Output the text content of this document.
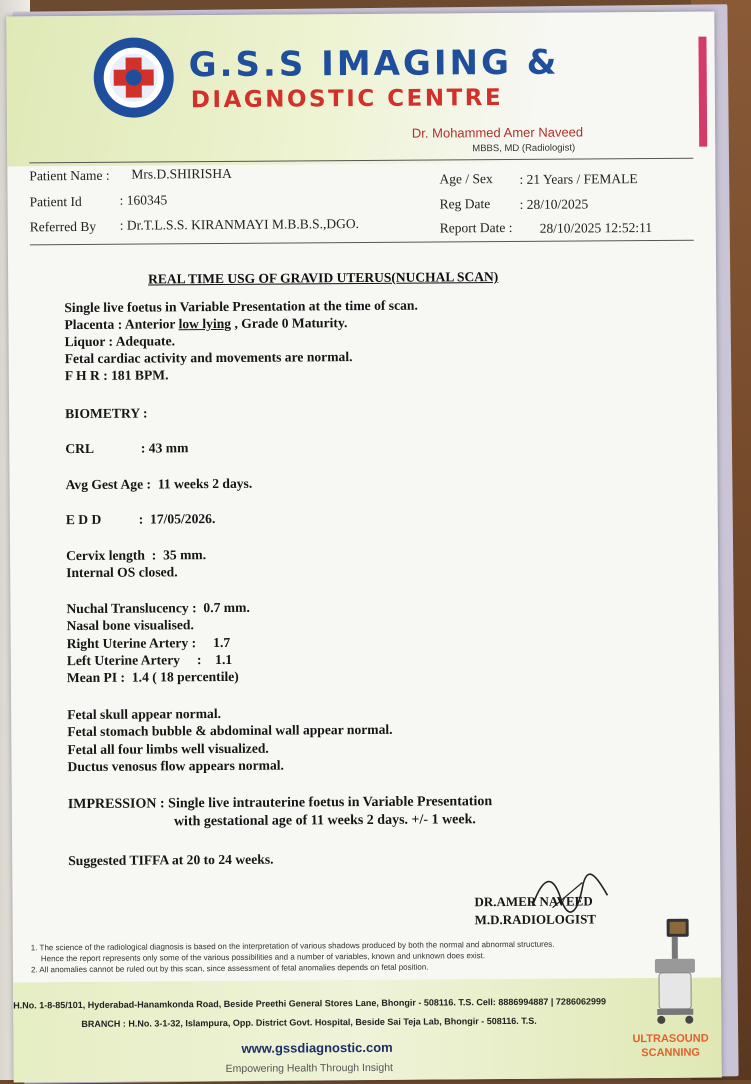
G.S.S IMAGING &
DIAGNOSTIC CENTRE
Dr. Mohammed Amer Naveed
MBBS, MD (Radiologist)
Patient Name : Mrs.D.SHIRISHA
Patient Id	: 160345
Referred By : Dr.T.L.S.S. KIRANMAYI M.B.B.S.,DGO.
Age / Sex : 21 Years / FEMALE
Reg Date : 28/10/2025
Report Date : 28/10/2025 12:52:11
REAL TIME USG OF GRAVID UTERUS(NUCHAL SCAN)
Single live foetus in Variable Presentation at the time of scan.
Placenta : Anterior low lying , Grade 0 Maturity.
Liquor : Adequate.
Fetal cardiac activity and movements are normal.
F H R : 181 BPM.
BIOMETRY :
CRL              : 43 mm
Avg Gest Age :  11 weeks 2 days.
E D D           :  17/05/2026.
Cervix length  :  35 mm.
Internal OS closed.
Nuchal Translucency :  0.7 mm.
Nasal bone visualised.
Right Uterine Artery :     1.7
Left Uterine Artery     :    1.1
Mean PI :  1.4 ( 18 percentile)
Fetal skull appear normal.
Fetal stomach bubble & abdominal wall appear normal.
Fetal all four limbs well visualized.
Ductus venosus flow appears normal.
IMPRESSION : Single live intrauterine foetus in Variable Presentation
with gestational age of 11 weeks 2 days. +/- 1 week.
Suggested TIFFA at 20 to 24 weeks.
DR.AMER NAVEED
M.D.RADIOLOGIST
1. The science of the radiological diagnosis is based on the interpretation of various shadows produced by both the normal and abnormal structures.
Hence the report represents only some of the various possibilities and a number of variables, known and unknown does exist.
2. All anomalies cannot be ruled out by this scan, since assessment of fetal anomalies depends on fetal position.
H.No. 1-8-85/101, Hyderabad-Hanamkonda Road, Beside Preethi General Stores Lane, Bhongir - 508116. T.S. Cell: 8886994887 | 7286062999
BRANCH : H.No. 3-1-32, Islampura, Opp. District Govt. Hospital, Beside Sai Teja Lab, Bhongir - 508116. T.S.
www.gssdiagnostic.com
Empowering Health Through Insight
ULTRASOUND
SCANNING
